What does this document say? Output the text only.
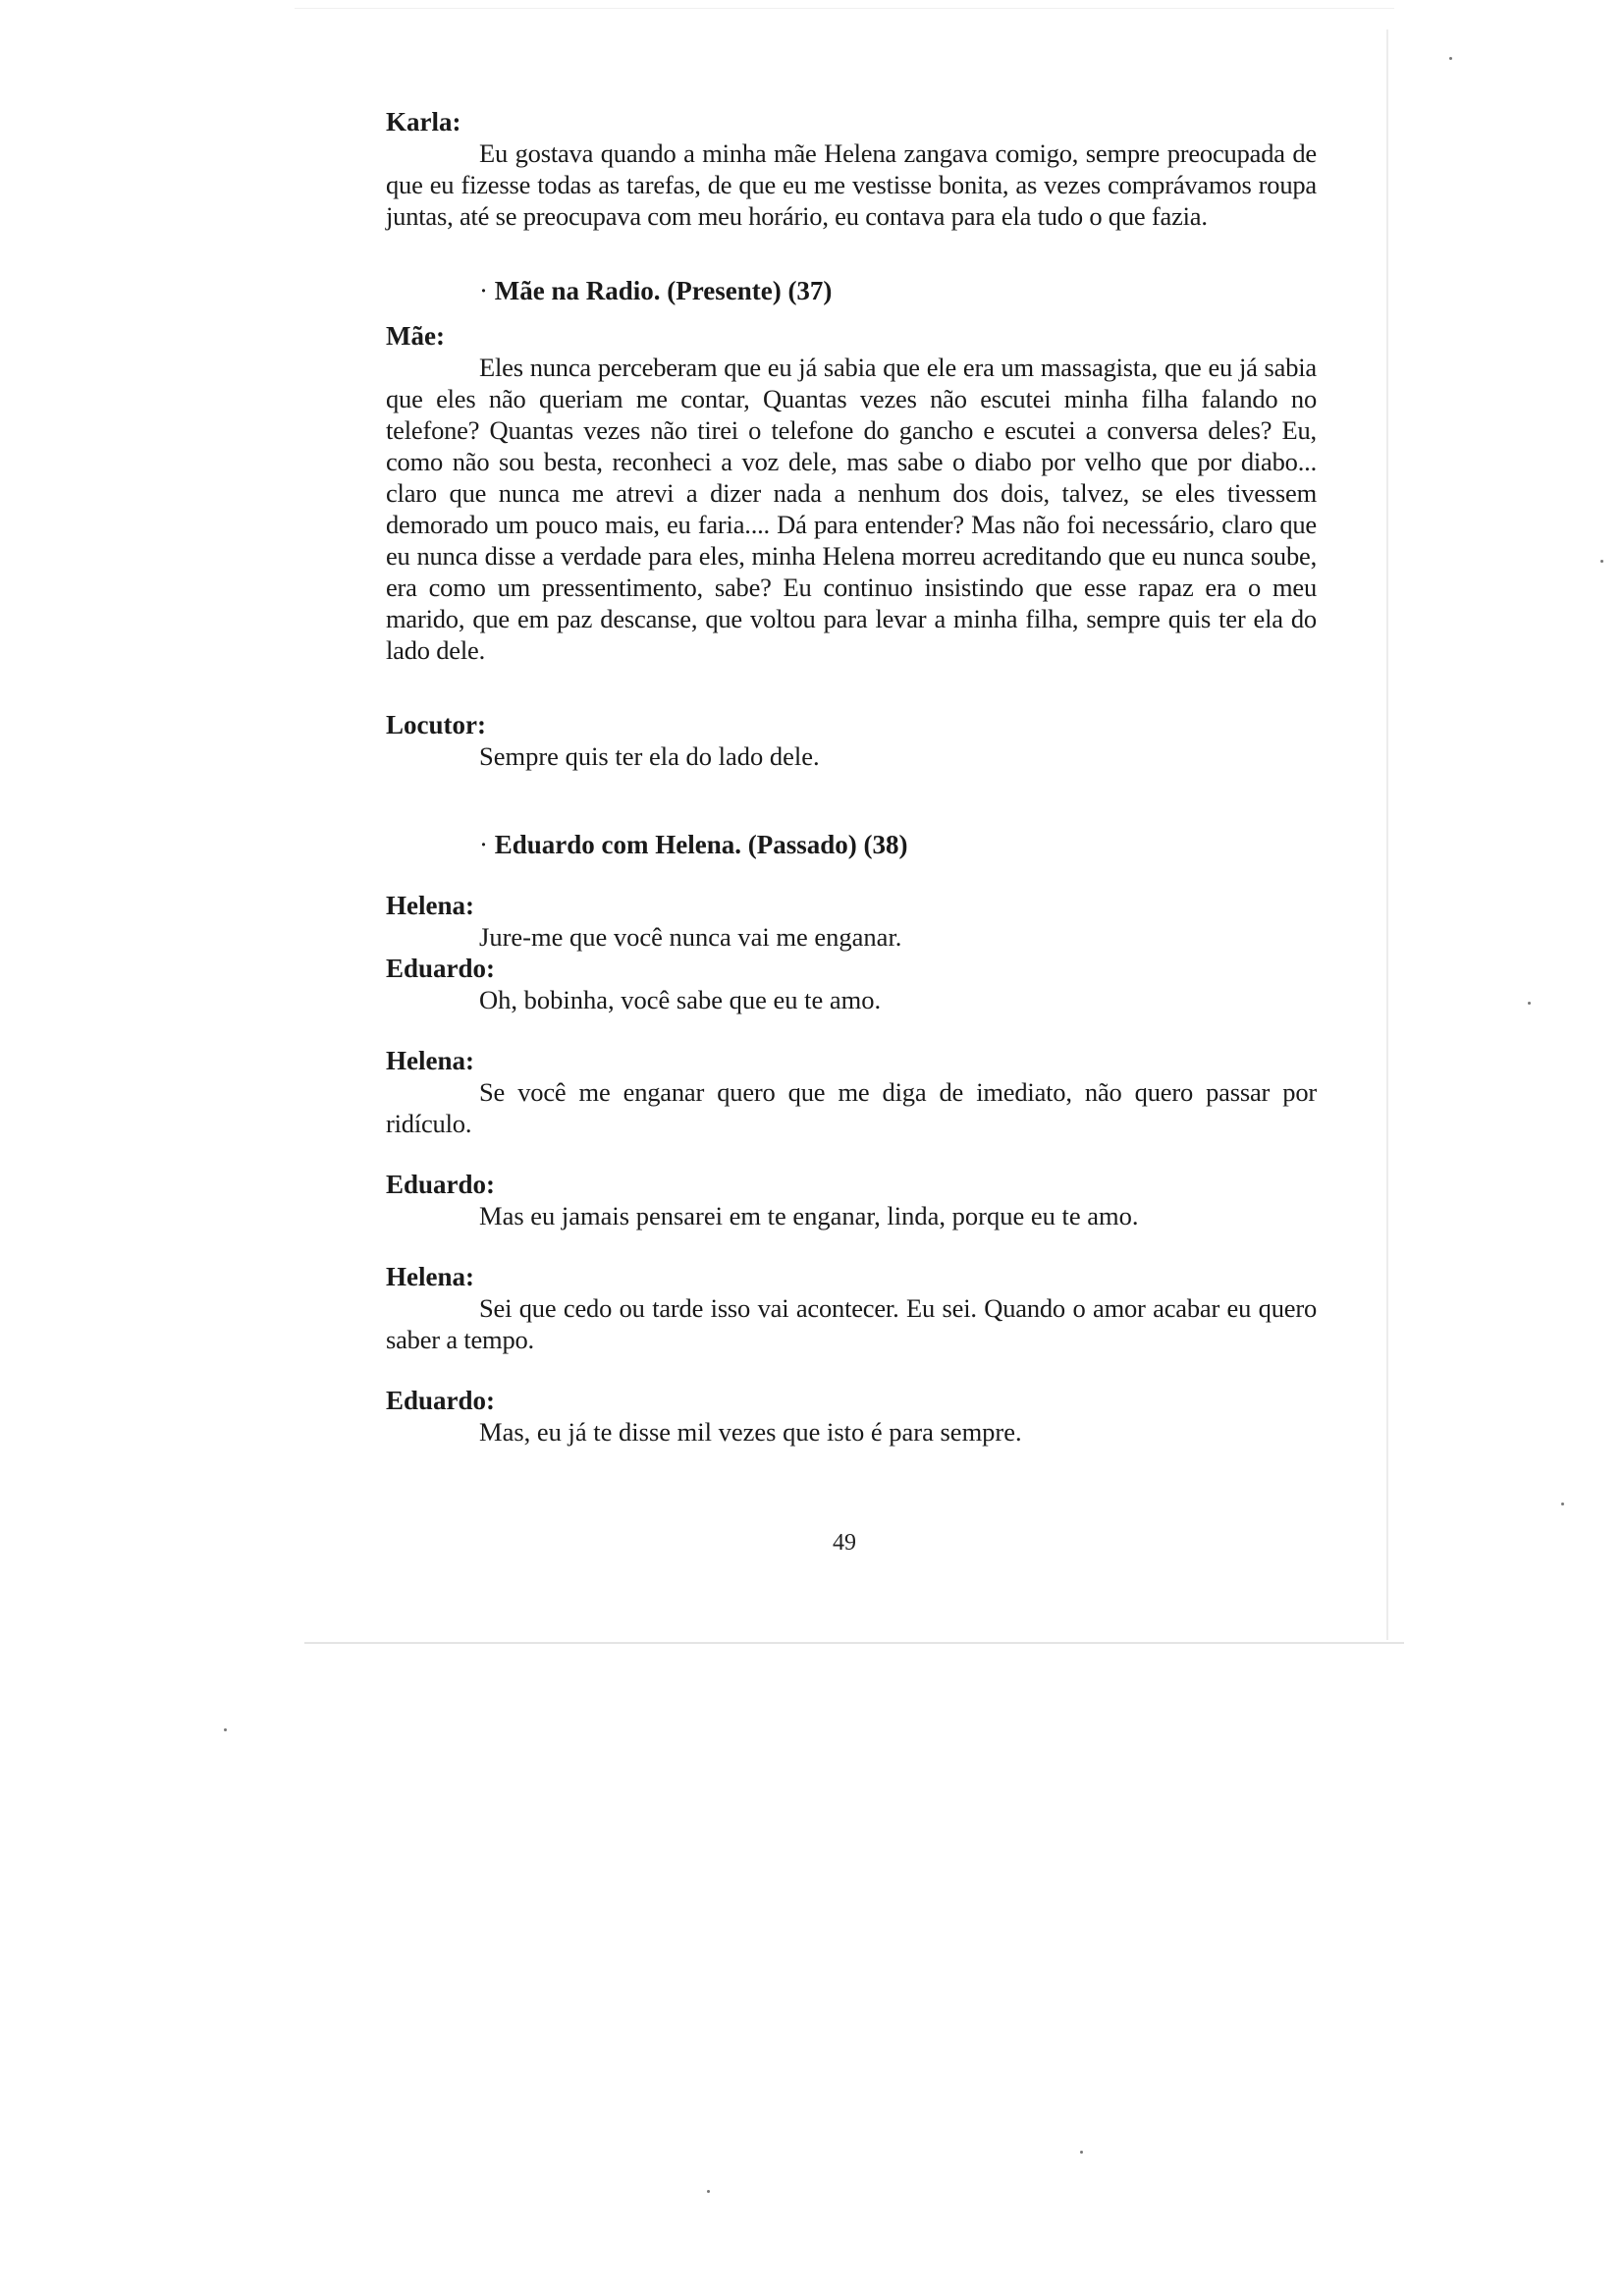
Karla:

Eu gostava quando a minha mãe Helena zangava comigo, sempre preocupada de que eu fizesse todas as tarefas, de que eu me vestisse bonita, as vezes comprávamos roupa juntas, até se preocupava com meu horário, eu contava para ela tudo o que fazia.

· Mãe na Radio. (Presente) (37)

Mãe:

Eles nunca perceberam que eu já sabia que ele era um massagista, que eu já sabia que eles não queriam me contar, Quantas vezes não escutei minha filha falando no telefone? Quantas vezes não tirei o telefone do gancho e escutei a conversa deles? Eu, como não sou besta, reconheci a voz dele, mas sabe o diabo por velho que por diabo... claro que nunca me atrevi a dizer nada a nenhum dos dois, talvez, se eles tivessem demorado um pouco mais, eu faria.... Dá para entender? Mas não foi necessário, claro que eu nunca disse a verdade para eles, minha Helena morreu acreditando que eu nunca soube, era como um pressentimento, sabe? Eu continuo insistindo que esse rapaz era o meu marido, que em paz descanse, que voltou para levar a minha filha, sempre quis ter ela do lado dele.

Locutor:

Sempre quis ter ela do lado dele.

· Eduardo com Helena. (Passado) (38)

Helena:

Jure-me que você nunca vai me enganar.

Eduardo:

Oh, bobinha, você sabe que eu te amo.

Helena:

Se você me enganar quero que me diga de imediato, não quero passar por ridículo.

Eduardo:

Mas eu jamais pensarei em te enganar, linda, porque eu te amo.

Helena:

Sei que cedo ou tarde isso vai acontecer. Eu sei. Quando o amor acabar eu quero saber a tempo.

Eduardo:

Mas, eu já te disse mil vezes que isto é para sempre.

49
